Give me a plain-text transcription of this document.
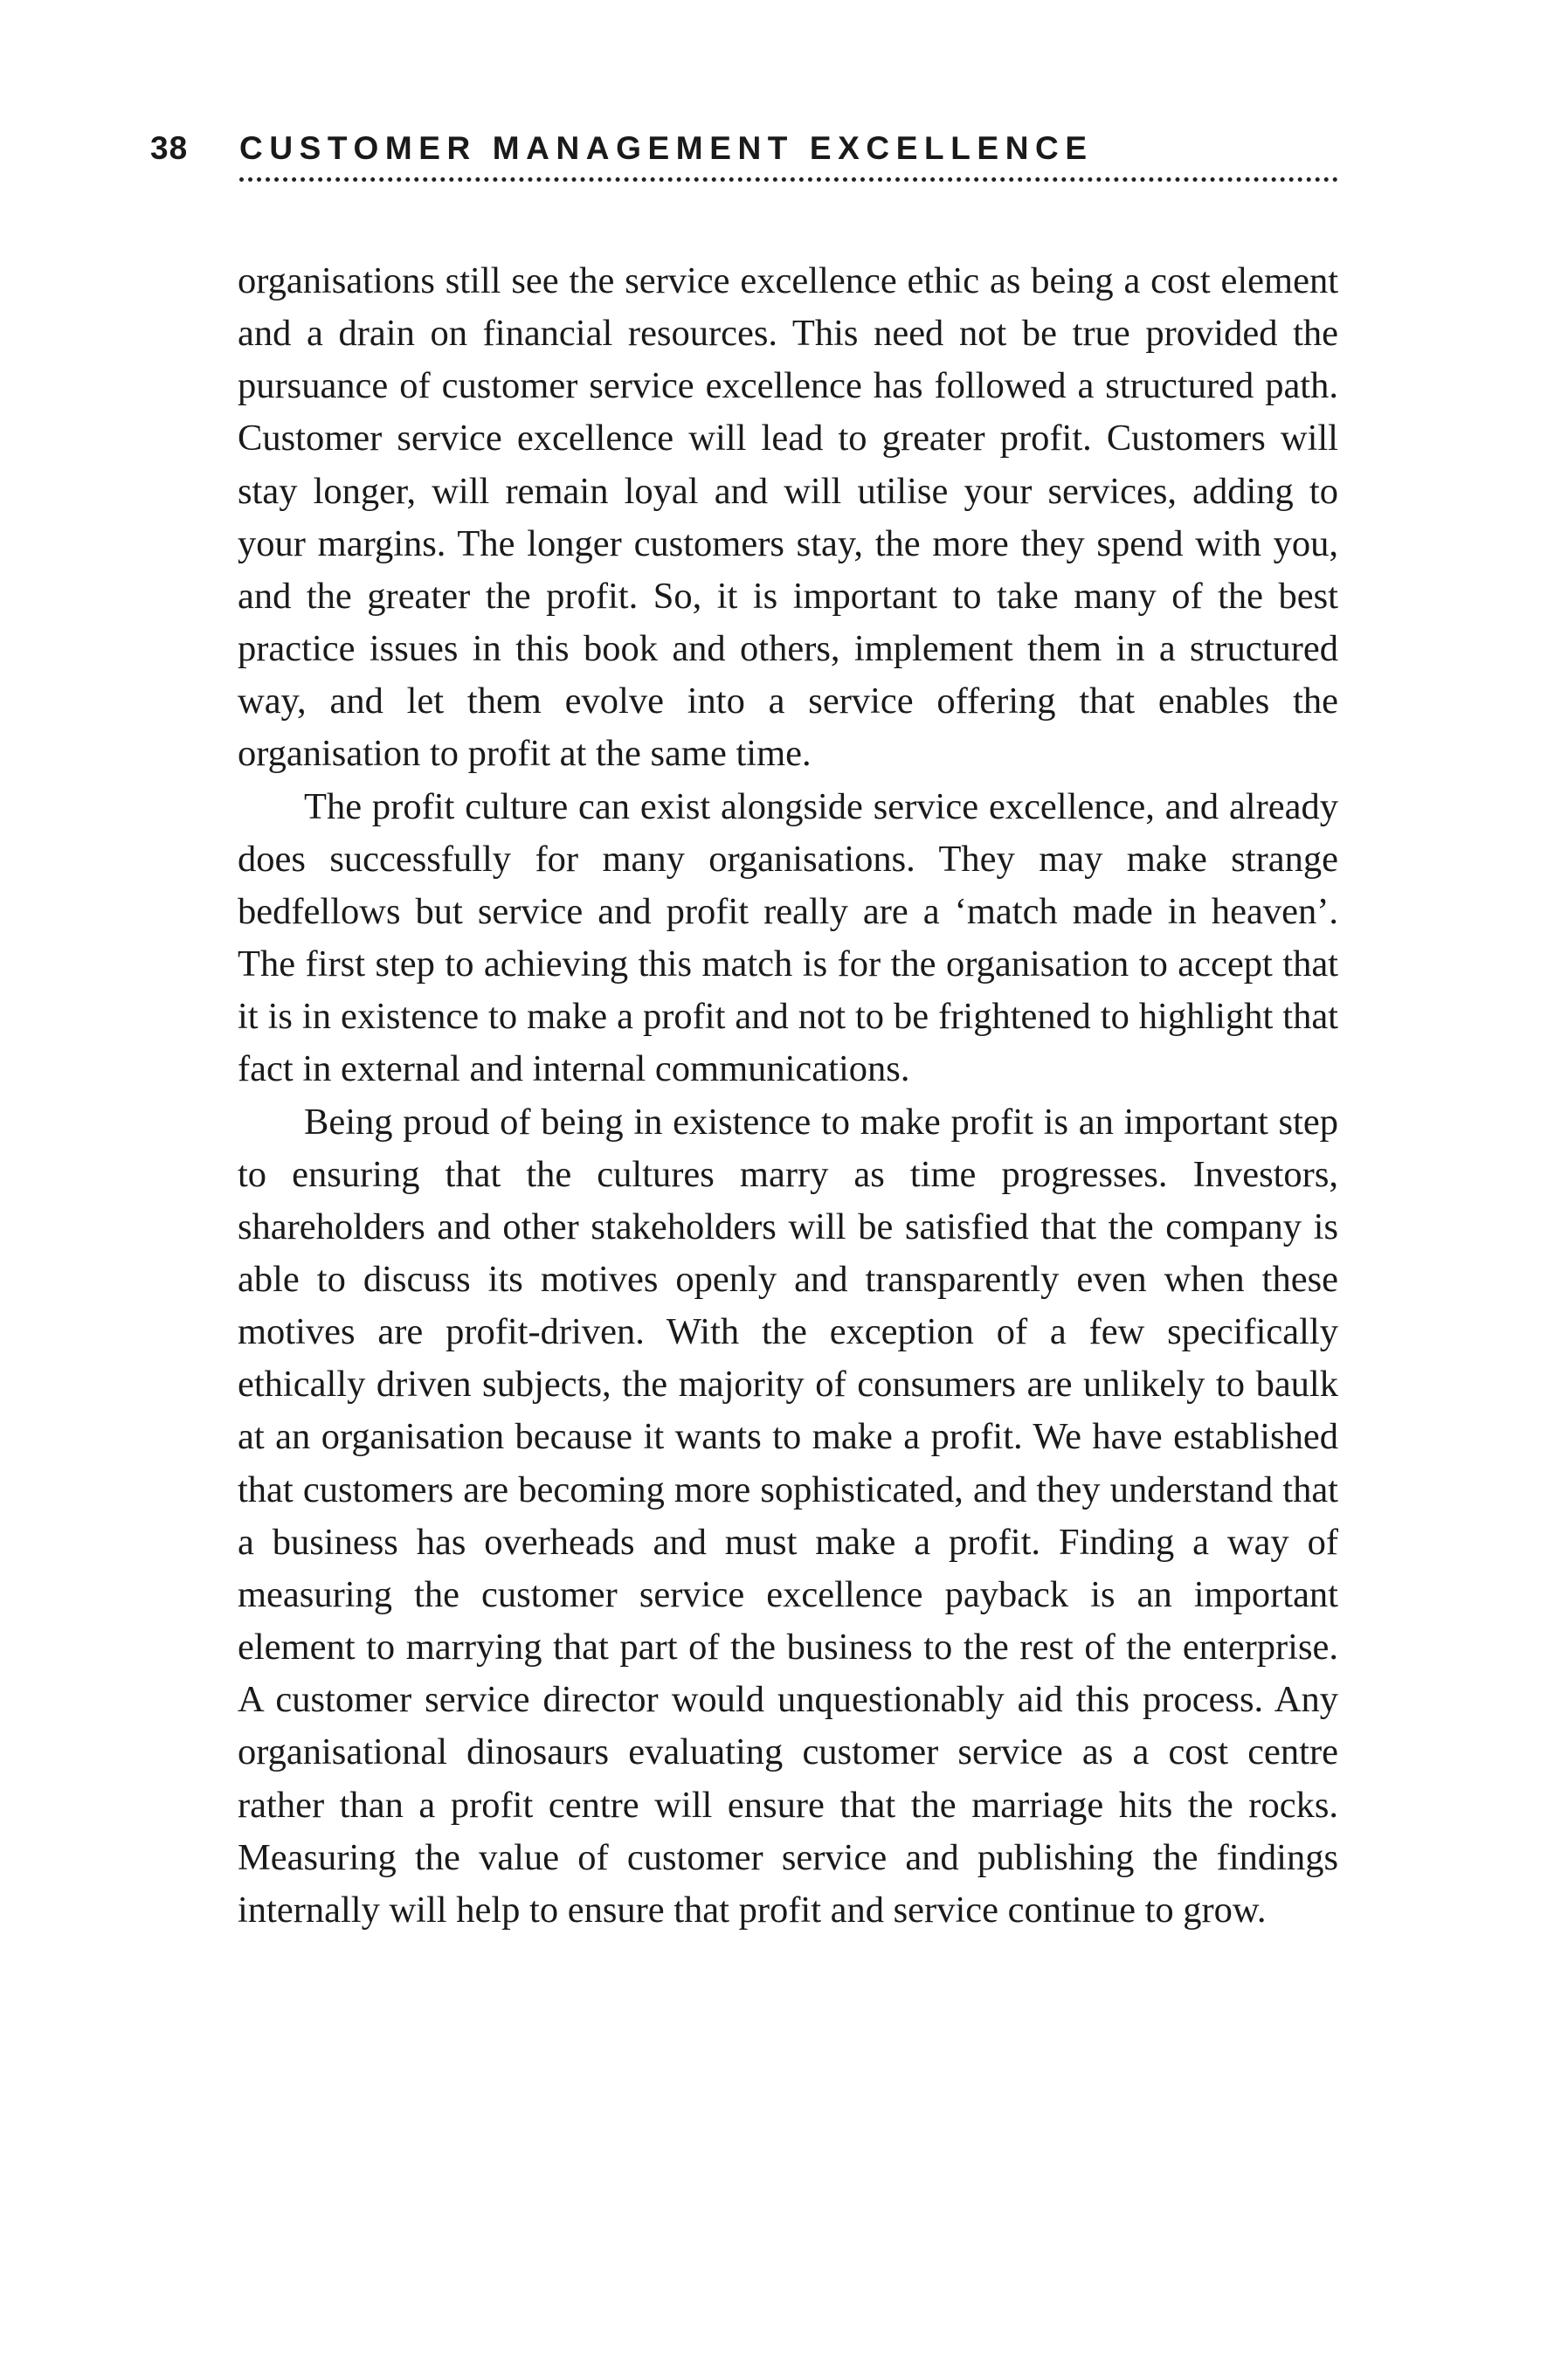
38 CUSTOMER MANAGEMENT EXCELLENCE

organisations still see the service excellence ethic as being a cost element and a drain on financial resources. This need not be true provided the pursuance of customer service excellence has followed a structured path. Customer service excellence will lead to greater profit. Customers will stay longer, will remain loyal and will utilise your services, adding to your margins. The longer customers stay, the more they spend with you, and the greater the profit. So, it is important to take many of the best practice issues in this book and others, implement them in a structured way, and let them evolve into a service offering that enables the organisation to profit at the same time.

The profit culture can exist alongside service excellence, and already does successfully for many organisations. They may make strange bedfellows but service and profit really are a ‘match made in heaven’. The first step to achieving this match is for the organisation to accept that it is in existence to make a profit and not to be frightened to highlight that fact in external and internal communications.

Being proud of being in existence to make profit is an important step to ensuring that the cultures marry as time progresses. Investors, shareholders and other stakeholders will be satisfied that the company is able to discuss its motives openly and transparently even when these motives are profit-driven. With the exception of a few specifically ethically driven subjects, the majority of consumers are unlikely to baulk at an organisation because it wants to make a profit. We have established that customers are becoming more sophisticated, and they understand that a business has overheads and must make a profit. Finding a way of measuring the customer service excellence payback is an important element to marrying that part of the business to the rest of the enterprise. A customer service director would unquestionably aid this process. Any organisational dinosaurs evaluating customer service as a cost centre rather than a profit centre will ensure that the marriage hits the rocks. Measuring the value of customer service and publishing the findings internally will help to ensure that profit and service continue to grow.
